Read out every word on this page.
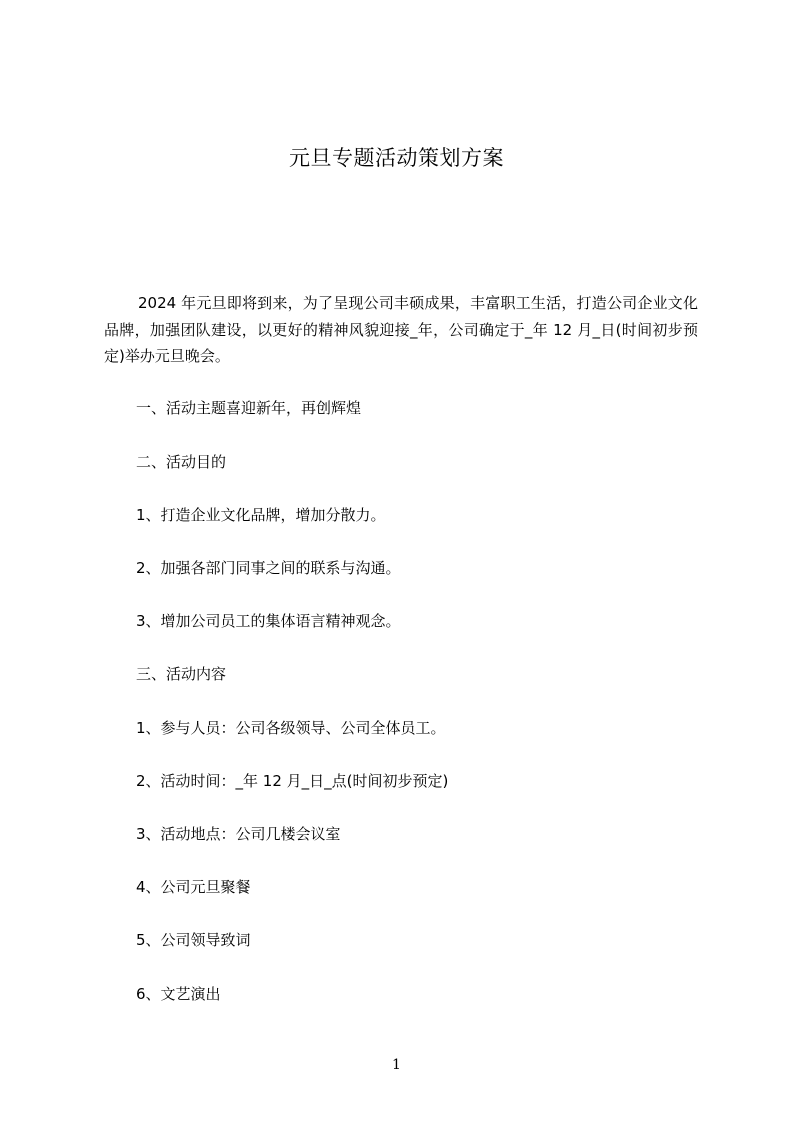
元旦专题活动策划方案

2024 年元旦即将到来，为了呈现公司丰硕成果，丰富职工生活，打造公司企业文化品牌，加强团队建设，以更好的精神风貌迎接_年，公司确定于_年 12 月_日(时间初步预定)举办元旦晚会。

一、活动主题喜迎新年，再创辉煌

二、活动目的

1、打造企业文化品牌，增加分散力。

2、加强各部门同事之间的联系与沟通。

3、增加公司员工的集体语言精神观念。

三、活动内容

1、参与人员：公司各级领导、公司全体员工。

2、活动时间：_年 12 月_日_点(时间初步预定)

3、活动地点：公司几楼会议室

4、公司元旦聚餐

5、公司领导致词

6、文艺演出

1
